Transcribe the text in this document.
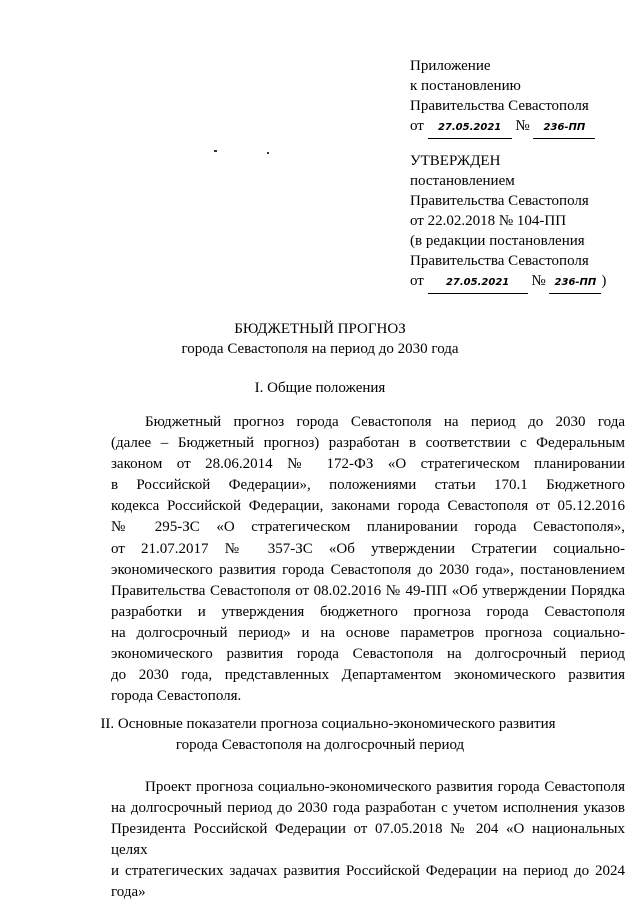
Приложение
к постановлению
Правительства Севастополя
от 27.05.2021 № 236-ПП
УТВЕРЖДЕН
постановлением
Правительства Севастополя
от 22.02.2018 № 104-ПП
(в редакции постановления
Правительства Севастополя
от 27.05.2021 № 236-ПП )
БЮДЖЕТНЫЙ ПРОГНОЗ
города Севастополя на период до 2030 года
I. Общие положения
Бюджетный прогноз города Севастополя на период до 2030 года
(далее – Бюджетный прогноз) разработан в соответствии с Федеральным
законом от 28.06.2014 № 172-ФЗ «О стратегическом планировании
в Российской Федерации», положениями статьи 170.1 Бюджетного
кодекса Российской Федерации, законами города Севастополя от 05.12.2016
№ 295-ЗС «О стратегическом планировании города Севастополя»,
от 21.07.2017 № 357-ЗС «Об утверждении Стратегии социально-
экономического развития города Севастополя до 2030 года», постановлением
Правительства Севастополя от 08.02.2016 № 49-ПП «Об утверждении Порядка
разработки и утверждения бюджетного прогноза города Севастополя
на долгосрочный период» и на основе параметров прогноза социально-
экономического развития города Севастополя на долгосрочный период
до 2030 года, представленных Департаментом экономического развития
города Севастополя.
II. Основные показатели прогноза социально-экономического развития
города Севастополя на долгосрочный период
Проект прогноза социально-экономического развития города Севастополя
на долгосрочный период до 2030 года разработан с учетом исполнения указов
Президента Российской Федерации от 07.05.2018 № 204 «О национальных целях
и стратегических задачах развития Российской Федерации на период до 2024 года»
